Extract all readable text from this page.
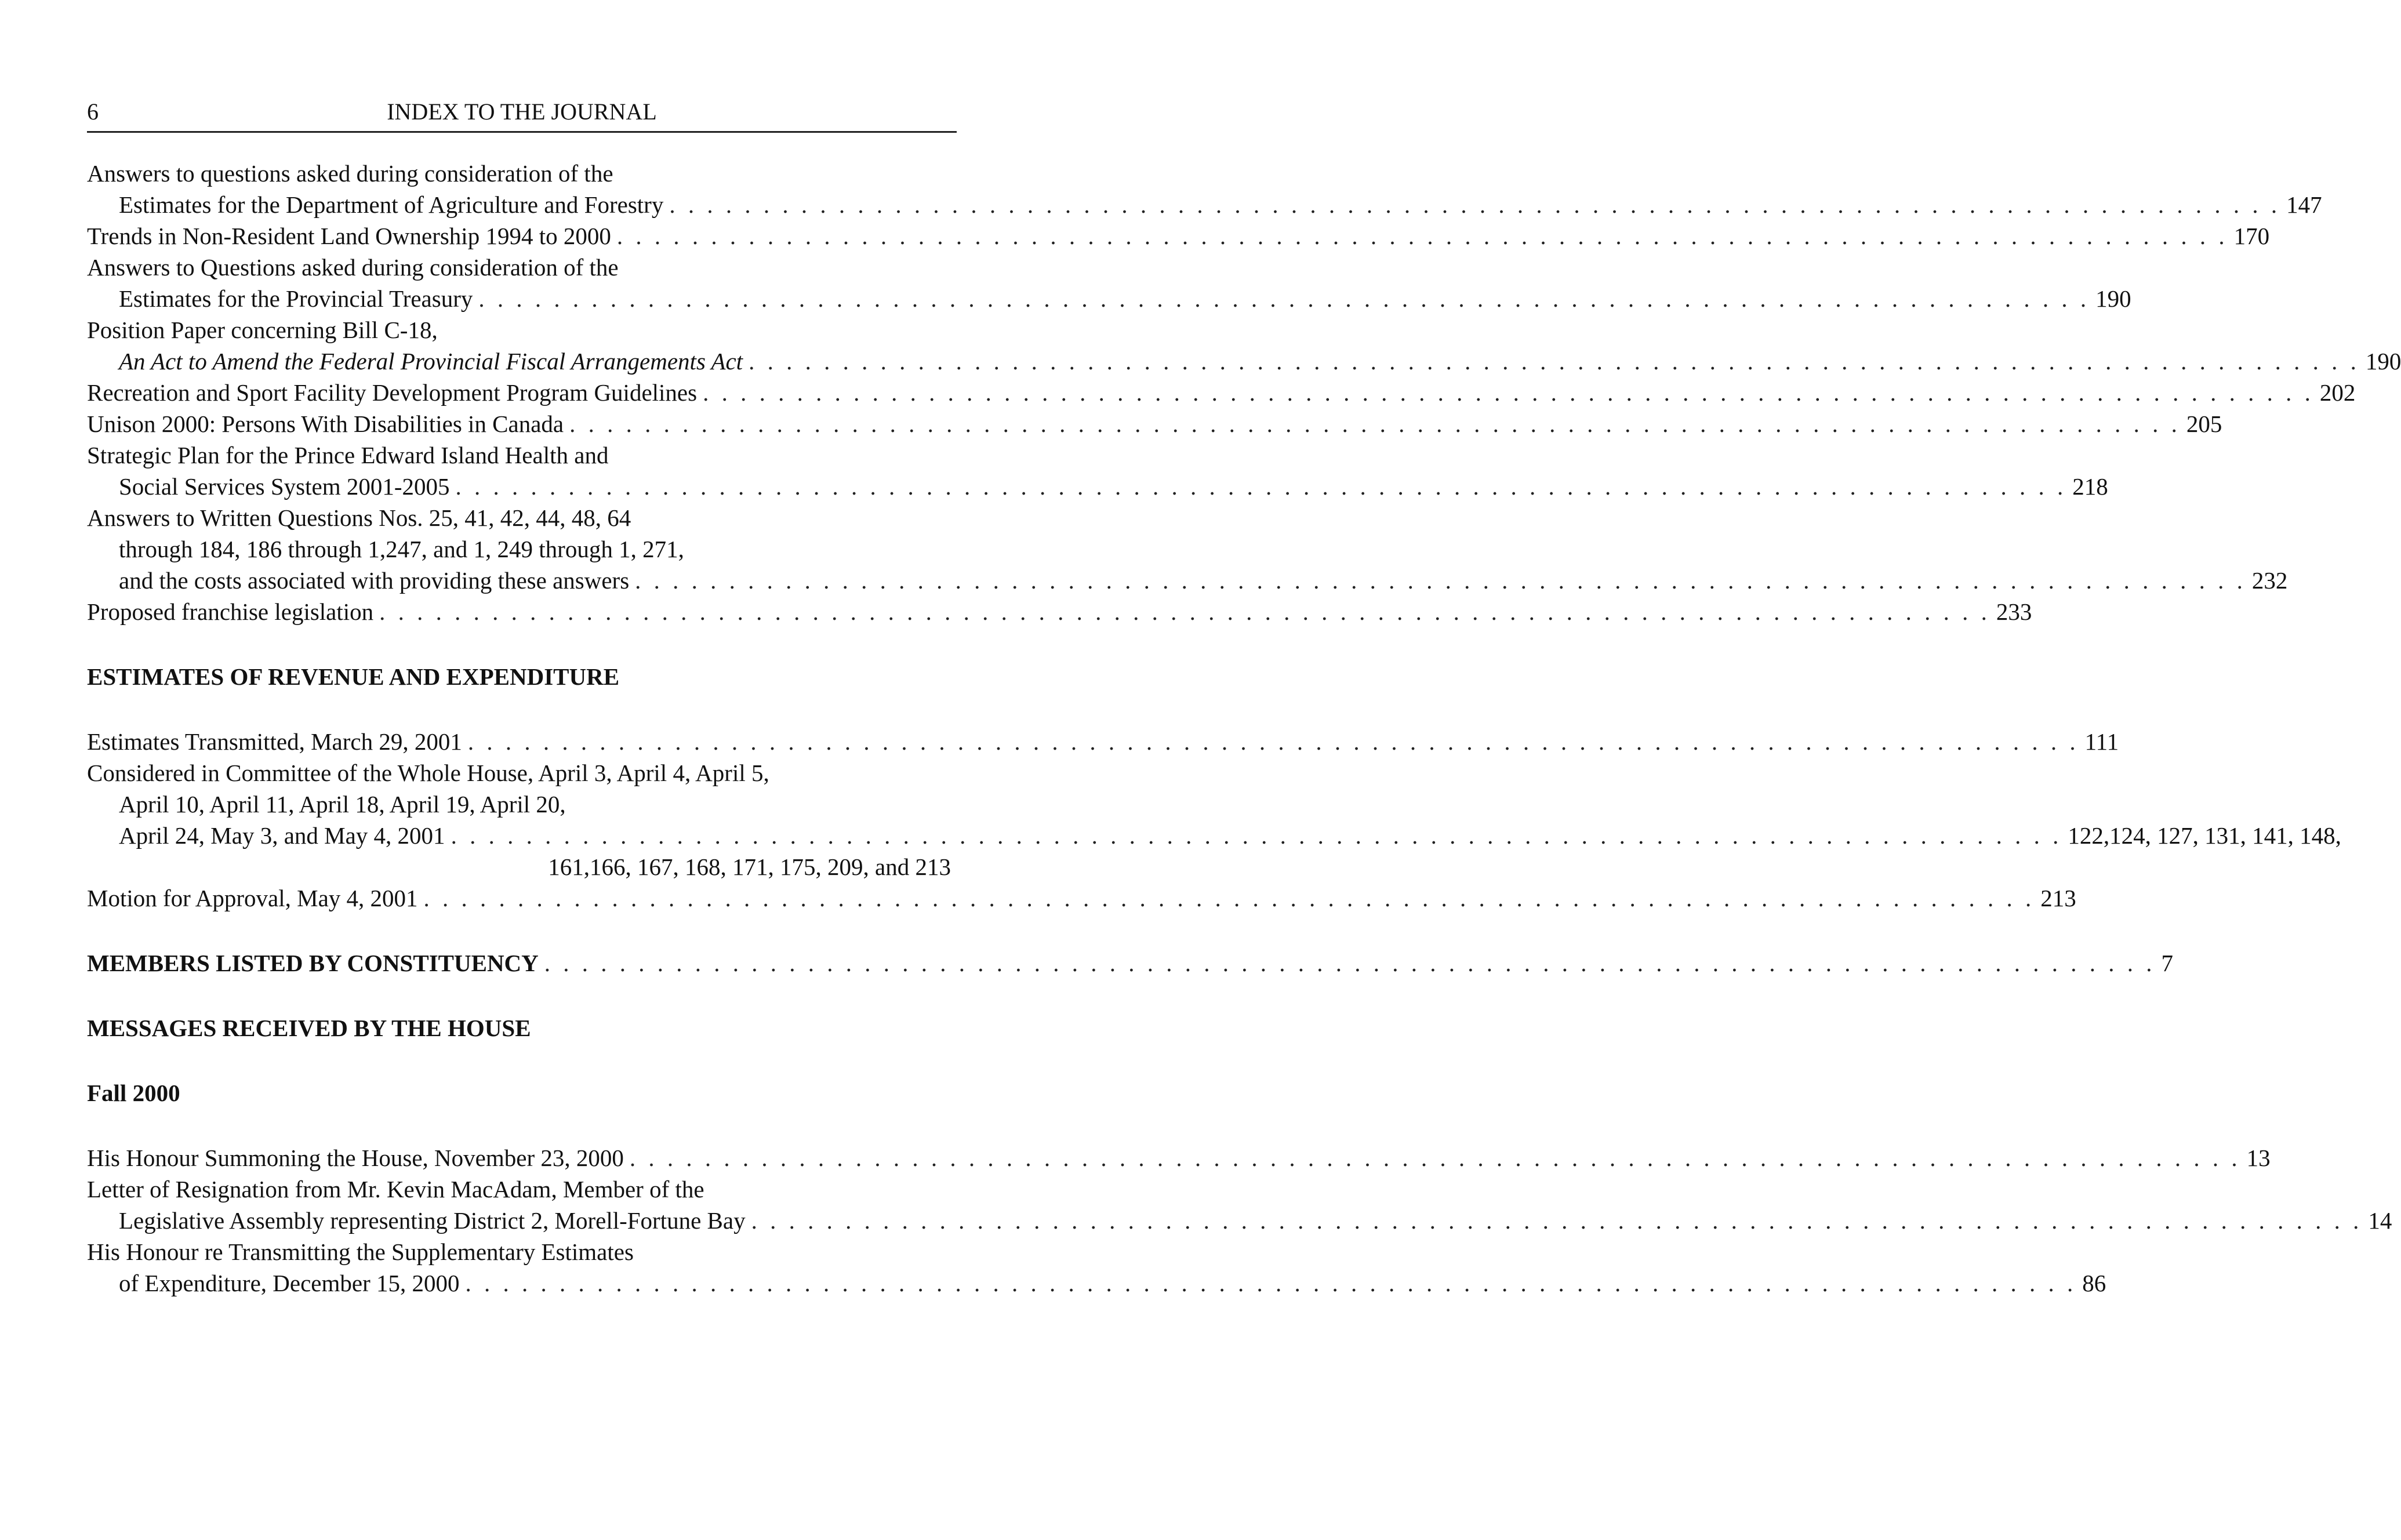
6	INDEX TO THE JOURNAL
Answers to questions asked during consideration of the
Estimates for the Department of Agriculture and Forestry . . . . . . . . . . . . . . . . . . . . . . . . . . . . . . . . . . . . . . . . . . . . . . . . . . . . . . . . . . . . . . . . . . . . . . . . . . . . . . . . . . . . . . 147
Trends in Non-Resident Land Ownership 1994 to 2000 . . . . . . . . . . . . . . . . . . . . . . . . . . . . . . . . . . . . . . . . . . . . . . . . . . . . . . . . . . . . . . . . . . . . . . . . . . . . . . . . . . . . . . 170
Answers to Questions asked during consideration of the
Estimates for the Provincial Treasury . . . . . . . . . . . . . . . . . . . . . . . . . . . . . . . . . . . . . . . . . . . . . . . . . . . . . . . . . . . . . . . . . . . . . . . . . . . . . . . . . . . . . . 190
Position Paper concerning Bill C-18,
An Act to Amend the Federal Provincial Fiscal Arrangements Act . . . . . . . . . . . . . . . . . . . . . . . . . . . . . . . . . . . . . . . . . . . . . . . . . . . . . . . . . . . . . . . . . . . . . . . . . . . . . . . . . . . . . . 190
Recreation and Sport Facility Development Program Guidelines . . . . . . . . . . . . . . . . . . . . . . . . . . . . . . . . . . . . . . . . . . . . . . . . . . . . . . . . . . . . . . . . . . . . . . . . . . . . . . . . . . . . . . 202
Unison 2000: Persons With Disabilities in Canada . . . . . . . . . . . . . . . . . . . . . . . . . . . . . . . . . . . . . . . . . . . . . . . . . . . . . . . . . . . . . . . . . . . . . . . . . . . . . . . . . . . . . . 205
Strategic Plan for the Prince Edward Island Health and
Social Services System 2001-2005 . . . . . . . . . . . . . . . . . . . . . . . . . . . . . . . . . . . . . . . . . . . . . . . . . . . . . . . . . . . . . . . . . . . . . . . . . . . . . . . . . . . . . . 218
Answers to Written Questions Nos. 25, 41, 42, 44, 48, 64
through 184, 186 through 1,247, and 1, 249 through 1, 271,
and the costs associated with providing these answers . . . . . . . . . . . . . . . . . . . . . . . . . . . . . . . . . . . . . . . . . . . . . . . . . . . . . . . . . . . . . . . . . . . . . . . . . . . . . . . . . . . . . . 232
Proposed franchise legislation . . . . . . . . . . . . . . . . . . . . . . . . . . . . . . . . . . . . . . . . . . . . . . . . . . . . . . . . . . . . . . . . . . . . . . . . . . . . . . . . . . . . . . 233
ESTIMATES OF REVENUE AND EXPENDITURE
Estimates Transmitted, March 29, 2001 . . . . . . . . . . . . . . . . . . . . . . . . . . . . . . . . . . . . . . . . . . . . . . . . . . . . . . . . . . . . . . . . . . . . . . . . . . . . . . . . . . . . . . 111
Considered in Committee of the Whole House, April 3, April 4, April 5,
April 10, April 11, April 18, April 19, April 20,
April 24, May 3, and May 4, 2001 . . . . . . . . . . . . . . . . . . . . . . . . . . . . . . . . . . . . . . . . . . . . . . . . . . . . . . . . . . . . . . . . . . . . . . . . . . . . . . . . . . . . . . 122,124, 127, 131, 141, 148,
161,166, 167, 168, 171, 175, 209, and 213
Motion for Approval, May 4, 2001 . . . . . . . . . . . . . . . . . . . . . . . . . . . . . . . . . . . . . . . . . . . . . . . . . . . . . . . . . . . . . . . . . . . . . . . . . . . . . . . . . . . . . . 213
MEMBERS LISTED BY CONSTITUENCY . . . . . . . . . . . . . . . . . . . . . . . . . . . . . . . . . . . . . . . . . . . . . . . . . . . . . . . . . . . . . . . . . . . . . . . . . . . . . . . . . . . . . . 7
MESSAGES RECEIVED BY THE HOUSE
Fall 2000
His Honour Summoning the House, November 23, 2000 . . . . . . . . . . . . . . . . . . . . . . . . . . . . . . . . . . . . . . . . . . . . . . . . . . . . . . . . . . . . . . . . . . . . . . . . . . . . . . . . . . . . . . 13
Letter of Resignation from Mr. Kevin MacAdam, Member of the
Legislative Assembly representing District 2, Morell-Fortune Bay . . . . . . . . . . . . . . . . . . . . . . . . . . . . . . . . . . . . . . . . . . . . . . . . . . . . . . . . . . . . . . . . . . . . . . . . . . . . . . . . . . . . . . 14
His Honour re Transmitting the Supplementary Estimates
of Expenditure, December 15, 2000 . . . . . . . . . . . . . . . . . . . . . . . . . . . . . . . . . . . . . . . . . . . . . . . . . . . . . . . . . . . . . . . . . . . . . . . . . . . . . . . . . . . . . . 86
